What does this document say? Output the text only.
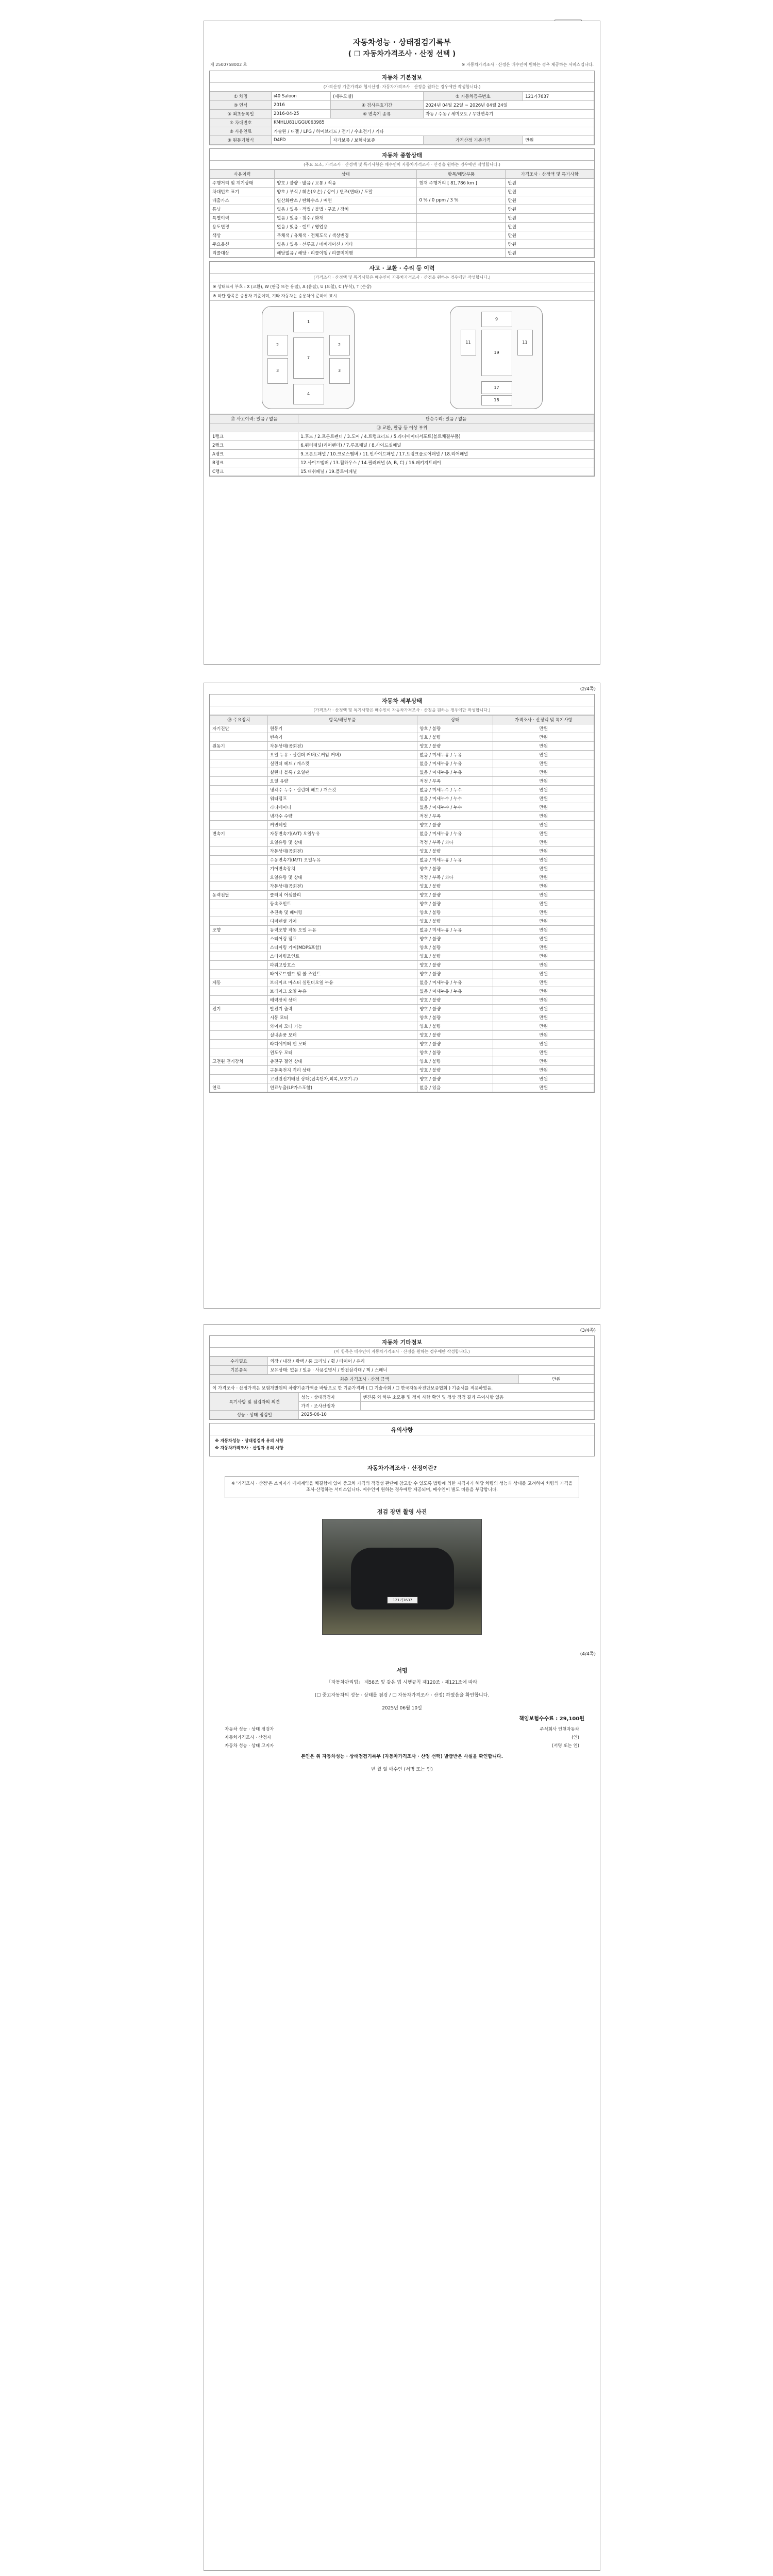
자동차성능 · 상태점검기록부
( ☐ 자동차가격조사 · 산정 선택 )
제 2500758002 호	※ 자동차가격조사 · 산정은 매수인이 원하는 경우 제공하는 서비스입니다.
자동차 기본정보
(가격산정 기준가격과 협시산정: 자동차가격조사 · 산정을 원하는 경우에만 작성합니다.)
① 차명	i40 Saloon	(세부모델)	② 자동차등록번호	121가7637
③ 연식	2016	④ 검사유효기간	2024년 04월 22일 ~ 2026년 04월 24일	
⑤ 최초등록일	2016-04-25	⑥ 변속기 종류	자동 / 수동 / 세미오토 / 무단변속기	
⑦ 차대번호	KMHLU81UGGU063985			
⑧ 사용연료	가솔린 / 디젤 / LPG / 하이브리드 / 전기 / 수소전기 / 기타			
⑨ 원동기형식	D4FD	자가보증 / 보험사보증	가격산정 기준가격	만원
자동차 종합상태
(주요 요소, 가격조사 · 산정액 및 특기사항은 매수인이 자동차가격조사 · 산정을 원하는 경우에만 작성합니다.)
사용이력	상태	항목/해당부품	가격조사 · 산정액 및 특기사항
주행거리 및 계기상태	양호 / 불량 · 많음 / 보통 / 적음	현재 주행거리 [ 81,786 km ]	만원
차대번호 표기	양호 / 부식 / 훼손(오손) / 상이 / 변조(변타) / 도말		만원
배출가스	일산화탄소 / 탄화수소 / 매연	0 % / 0 ppm / 3 %	만원
튜닝	없음 / 있음 · 적법 / 불법 · 구조 / 장치		만원
특별이력	없음 / 있음 · 침수 / 화재		만원
용도변경	없음 / 있음 · 렌트 / 영업용		만원
색상	무채색 / 유채색 · 전체도색 / 색상변경		만원
주요옵션	없음 / 있음 · 선루프 / 네비게이션 / 기타		만원
리콜대상	해당없음 / 해당 · 리콜이행 / 리콜미이행		만원
사고 · 교환 · 수리 등 이력
(가격조사 · 산정액 및 특기사항은 매수인이 자동차가격조사 · 산정을 원하는 경우에만 작성합니다.)
※ 상태표시 부호 : X (교환), W (판금 또는 용접), A (흠집), U (요철), C (부식), T (손상)
※ 하단 항목은 승용차 기준이며, 기타 자동차는 승용차에 준하여 표시
1
2	2
7
3	3
4
9
11	11
19
17
18
⑰ 사고이력: 있음 / 없음	단순수리: 있음 / 없음
⑱ 교환, 판금 등 이상 부위	
1랭크	1.후드 / 2.프론트펜더 / 3.도어 / 4.트렁크리드 / 5.라디에이터서포트(볼트체결부품)
2랭크	6.쿼터패널(리어펜더) / 7.루프패널 / 8.사이드실패널
A랭크	9.프론트패널 / 10.크로스멤버 / 11.인사이드패널 / 17.트렁크플로어패널 / 18.리어패널
B랭크	12.사이드멤버 / 13.휠하우스 / 14.필러패널 (A, B, C) / 16.패키지트레이
C랭크	15.대쉬패널 / 19.플로어패널
(2/4쪽)
자동차 세부상태
(가격조사 · 산정액 및 특기사항은 매수인이 자동차가격조사 · 산정을 원하는 경우에만 작성합니다.)
⑲ 주요장치	항목/해당부품	상태	가격조사 · 산정액 및 특기사항
자기진단	원동기	양호 / 불량	만원
	변속기	양호 / 불량	만원
원동기	작동상태(공회전)	양호 / 불량	만원
	오일 누유 · 실린더 커버(로커암 커버)	없음 / 미세누유 / 누유	만원
	실린더 헤드 / 개스킷	없음 / 미세누유 / 누유	만원
	실린더 블록 / 오일팬	없음 / 미세누유 / 누유	만원
	오일 유량	적정 / 부족	만원
	냉각수 누수 · 실린더 헤드 / 개스킷	없음 / 미세누수 / 누수	만원
	워터펌프	없음 / 미세누수 / 누수	만원
	라디에이터	없음 / 미세누수 / 누수	만원
	냉각수 수량	적정 / 부족	만원
	커먼레일	양호 / 불량	만원
변속기	자동변속기(A/T) 오일누유	없음 / 미세누유 / 누유	만원
	오일유량 및 상태	적정 / 부족 / 과다	만원
	작동상태(공회전)	양호 / 불량	만원
	수동변속기(M/T) 오일누유	없음 / 미세누유 / 누유	만원
	기어변속장치	양호 / 불량	만원
	오일유량 및 상태	적정 / 부족 / 과다	만원
	작동상태(공회전)	양호 / 불량	만원
동력전달	클러치 어셈블리	양호 / 불량	만원
	등속조인트	양호 / 불량	만원
	추진축 및 베어링	양호 / 불량	만원
	디퍼렌셜 기어	양호 / 불량	만원
조향	동력조향 작동 오일 누유	없음 / 미세누유 / 누유	만원
	스티어링 펌프	양호 / 불량	만원
	스티어링 기어(MDPS포함)	양호 / 불량	만원
	스티어링조인트	양호 / 불량	만원
	파워고압호스	양호 / 불량	만원
	타이로드엔드 및 볼 조인트	양호 / 불량	만원
제동	브레이크 마스터 실린더오일 누유	없음 / 미세누유 / 누유	만원
	브레이크 오일 누유	없음 / 미세누유 / 누유	만원
	배력장치 상태	양호 / 불량	만원
전기	발전기 출력	양호 / 불량	만원
	시동 모터	양호 / 불량	만원
	와이퍼 모터 기능	양호 / 불량	만원
	실내송풍 모터	양호 / 불량	만원
	라디에이터 팬 모터	양호 / 불량	만원
	윈도우 모터	양호 / 불량	만원
고전원 전기장치	충전구 절연 상태	양호 / 불량	만원
	구동축전지 격리 상태	양호 / 불량	만원
	고전원전기배선 상태(접속단자,피복,보호기구)	양호 / 불량	만원
연료	연료누출(LP가스포함)	없음 / 있음	만원
(3/4쪽)
자동차 기타정보
(이 항목은 매수인이 자동차가격조사 · 산정을 원하는 경우에만 작성합니다.)
수리필요	외장 / 내장 / 광택 / 룸 크리닝 / 휠 / 타이어 / 유리
기본품목	보유상태: 없음 / 있음 · 사용설명서 / 안전삼각대 / 잭 / 스패너
최종 가격조사 · 산정 금액	만원
이 가격조사 · 산정가격은 보험개발원의 차량기준가액을 바탕으로 한 기준가격과 ( ☐ 기술사회 / ☐ 한국자동차진단보증협회 ) 기준서를 적용하였음.
특기사항 및 점검자의 의견	성능 · 상태점검자	엔진룸 외 하부 소모품 및 정비 사항 확인 및 정상 점검 결과 특이사항 없음
	가격 · 조사산정자	
성능 · 상태 점검일	2025-06-10	
유의사항

※ 자동차성능 · 상태점검자 유의 사항

※ 자동차가격조사 · 산정자 유의 사항

자동차가격조사 · 산정이란?
※ '가격조사 · 산정'은 소비자가 매매계약을 체결함에 있어 중고차 가격의 적정성 판단에 참고할 수 있도록 법령에 의한 자격자가 해당 차량의 성능과 상태를 고려하여 차량의 가격을 조사·산정하는 서비스입니다. 매수인이 원하는 경우에만 제공되며, 매수인이 별도 비용을 부담합니다.
점검 장면 촬영 사진
121가7637
(4/4쪽)
서명
「자동차관리법」 제58조 및 같은 법 시행규칙 제120조 · 제121조에 따라
(☐ 중고자동차의 성능 · 상태를 점검 / ☐ 자동차가격조사 · 산정) 하였음을 확인합니다.
2025년 06월 10일
책임보험수수료 : 29,100원
자동차 성능 · 상태 점검자	주식회사 인천자동차
자동차가격조사 · 산정자	(인)
자동차 성능 · 상태 고지자	(서명 또는 인)
본인은 위 자동차성능 · 상태점검기록부 (자동차가격조사 · 산정 선택) 발급받은 사실을 확인합니다.
년 월 일 매수인 (서명 또는 인)
